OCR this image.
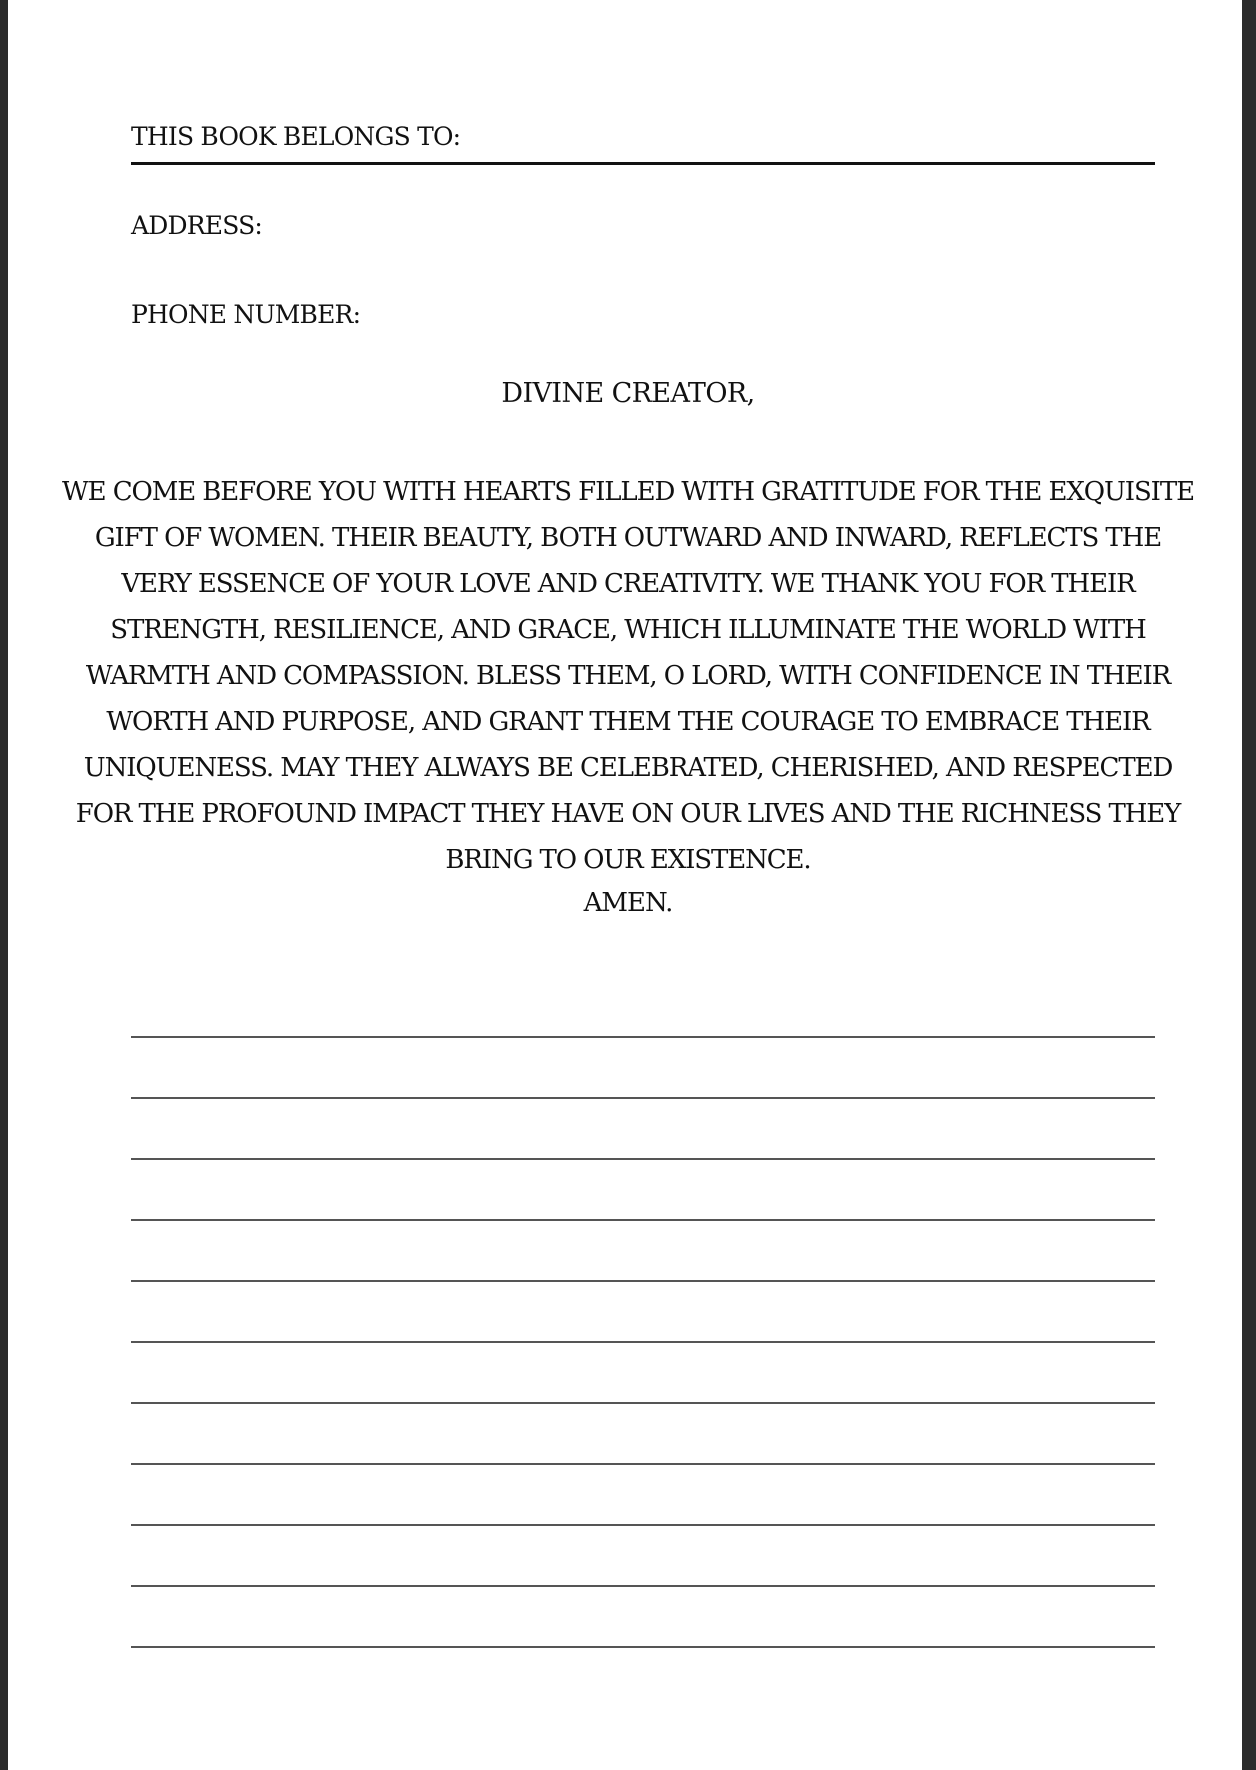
THIS BOOK BELONGS TO:
ADDRESS:
PHONE NUMBER:
DIVINE CREATOR,

WE COME BEFORE YOU WITH HEARTS FILLED WITH GRATITUDE FOR THE EXQUISITE
GIFT OF WOMEN. THEIR BEAUTY, BOTH OUTWARD AND INWARD, REFLECTS THE
VERY ESSENCE OF YOUR LOVE AND CREATIVITY. WE THANK YOU FOR THEIR
STRENGTH, RESILIENCE, AND GRACE, WHICH ILLUMINATE THE WORLD WITH
WARMTH AND COMPASSION. BLESS THEM, O LORD, WITH CONFIDENCE IN THEIR
WORTH AND PURPOSE, AND GRANT THEM THE COURAGE TO EMBRACE THEIR
UNIQUENESS. MAY THEY ALWAYS BE CELEBRATED, CHERISHED, AND RESPECTED
FOR THE PROFOUND IMPACT THEY HAVE ON OUR LIVES AND THE RICHNESS THEY
BRING TO OUR EXISTENCE.

AMEN.
